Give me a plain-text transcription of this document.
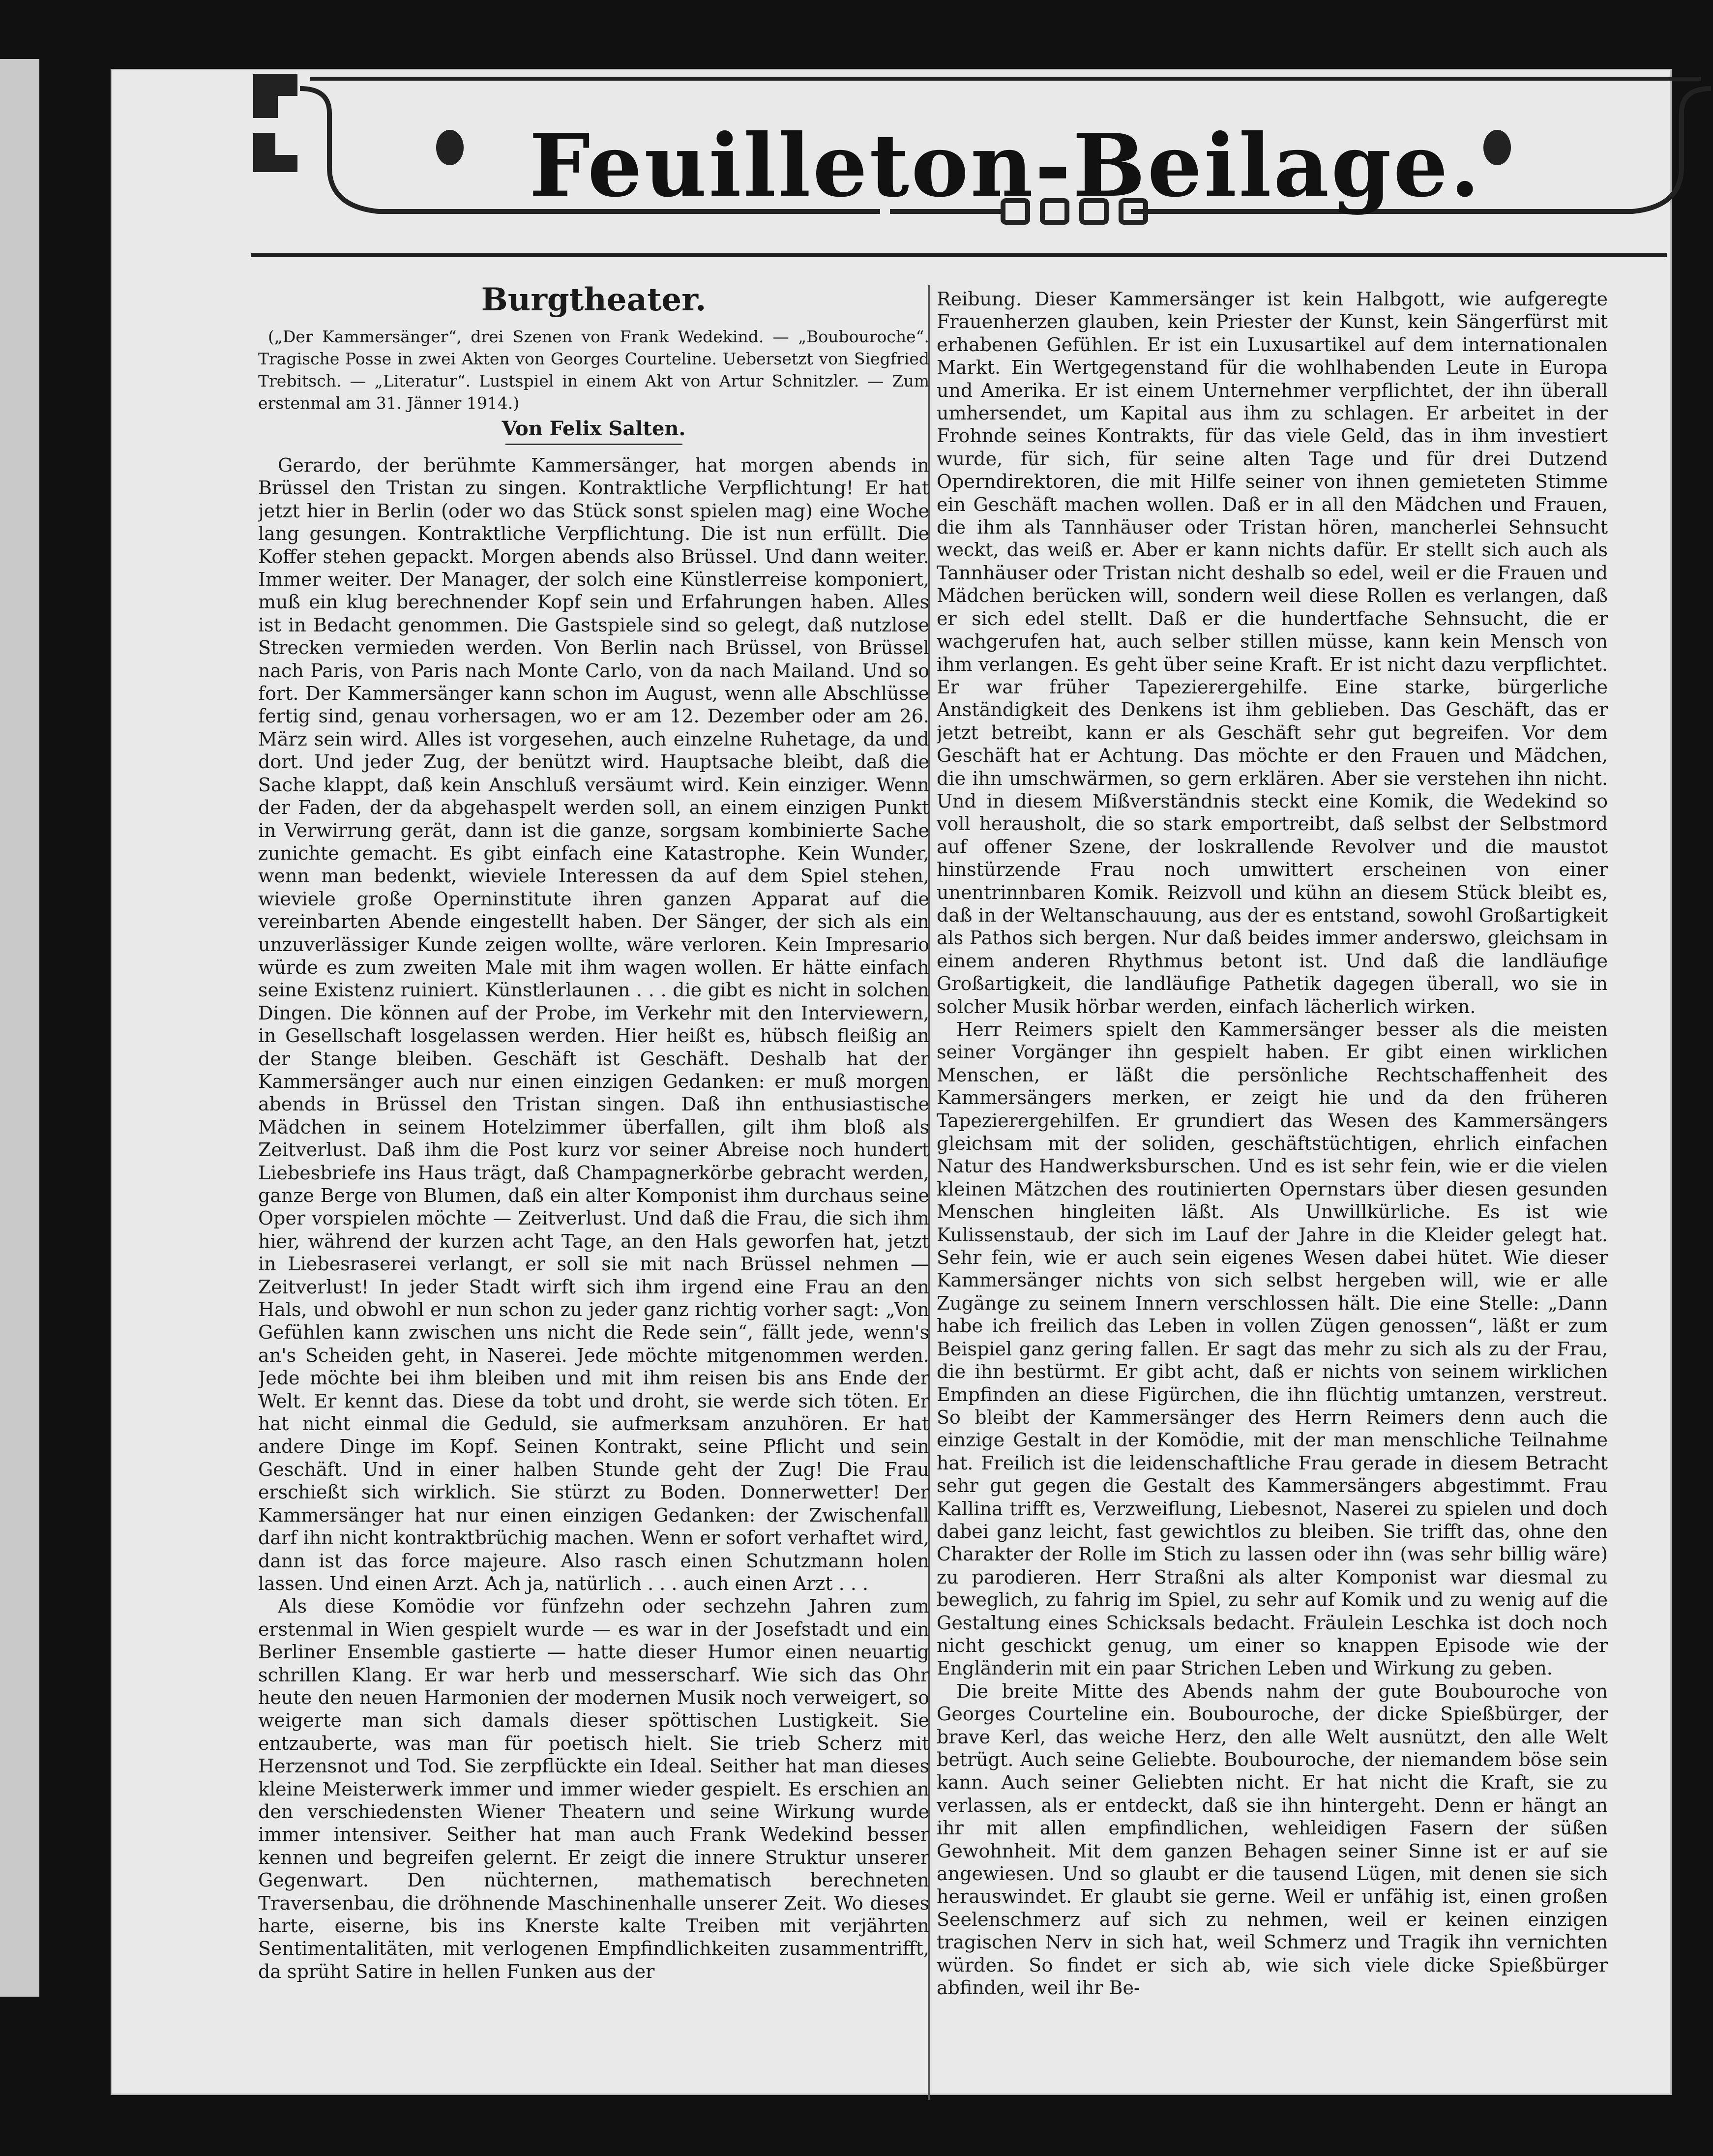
Feuilleton-Beilage.
Burgtheater.

(„Der Kammersänger“, drei Szenen von Frank Wedekind. — „Boubouroche“. Tragische Posse in zwei Akten von Georges Courteline. Uebersetzt von Siegfried Trebitsch. — „Literatur“. Lustspiel in einem Akt von Artur Schnitzler. — Zum erstenmal am 31. Jänner 1914.)

Von Felix Salten.

Gerardo, der berühmte Kammersänger, hat morgen abends in Brüssel den Tristan zu singen. Kontraktliche Verpflichtung! Er hat jetzt hier in Berlin (oder wo das Stück sonst spielen mag) eine Woche lang gesungen. Kontraktliche Verpflichtung. Die ist nun erfüllt. Die Koffer stehen gepackt. Morgen abends also Brüssel. Und dann weiter. Immer weiter. Der Manager, der solch eine Künstlerreise komponiert, muß ein klug berechnender Kopf sein und Erfahrungen haben. Alles ist in Bedacht genommen. Die Gastspiele sind so gelegt, daß nutzlose Strecken vermieden werden. Von Berlin nach Brüssel, von Brüssel nach Paris, von Paris nach Monte Carlo, von da nach Mailand. Und so fort. Der Kammersänger kann schon im August, wenn alle Abschlüsse fertig sind, genau vorhersagen, wo er am 12. Dezember oder am 26. März sein wird. Alles ist vorgesehen, auch einzelne Ruhetage, da und dort. Und jeder Zug, der benützt wird. Hauptsache bleibt, daß die Sache klappt, daß kein Anschluß versäumt wird. Kein einziger. Wenn der Faden, der da abgehaspelt werden soll, an einem einzigen Punkt in Verwirrung gerät, dann ist die ganze, sorgsam kombinierte Sache zunichte gemacht. Es gibt einfach eine Katastrophe. Kein Wunder, wenn man bedenkt, wieviele Interessen da auf dem Spiel stehen, wieviele große Operninstitute ihren ganzen Apparat auf die vereinbarten Abende eingestellt haben. Der Sänger, der sich als ein unzuverlässiger Kunde zeigen wollte, wäre verloren. Kein Impresario würde es zum zweiten Male mit ihm wagen wollen. Er hätte einfach seine Existenz ruiniert. Künstlerlaunen . . . die gibt es nicht in solchen Dingen. Die können auf der Probe, im Verkehr mit den Interviewern, in Gesellschaft losgelassen werden. Hier heißt es, hübsch fleißig an der Stange bleiben. Geschäft ist Geschäft. Deshalb hat der Kammersänger auch nur einen einzigen Gedanken: er muß morgen abends in Brüssel den Tristan singen. Daß ihn enthusiastische Mädchen in seinem Hotelzimmer überfallen, gilt ihm bloß als Zeitverlust. Daß ihm die Post kurz vor seiner Abreise noch hundert Liebesbriefe ins Haus trägt, daß Champagnerkörbe gebracht werden, ganze Berge von Blumen, daß ein alter Komponist ihm durchaus seine Oper vorspielen möchte — Zeitverlust. Und daß die Frau, die sich ihm hier, während der kurzen acht Tage, an den Hals geworfen hat, jetzt in Liebesraserei verlangt, er soll sie mit nach Brüssel nehmen — Zeitverlust! In jeder Stadt wirft sich ihm irgend eine Frau an den Hals, und obwohl er nun schon zu jeder ganz richtig vorher sagt: „Von Gefühlen kann zwischen uns nicht die Rede sein“, fällt jede, wenn's an's Scheiden geht, in Naserei. Jede möchte mitgenommen werden. Jede möchte bei ihm bleiben und mit ihm reisen bis ans Ende der Welt. Er kennt das. Diese da tobt und droht, sie werde sich töten. Er hat nicht einmal die Geduld, sie aufmerksam anzuhören. Er hat andere Dinge im Kopf. Seinen Kontrakt, seine Pflicht und sein Geschäft. Und in einer halben Stunde geht der Zug! Die Frau erschießt sich wirklich. Sie stürzt zu Boden. Donnerwetter! Der Kammersänger hat nur einen einzigen Gedanken: der Zwischenfall darf ihn nicht kontraktbrüchig machen. Wenn er sofort verhaftet wird, dann ist das force majeure. Also rasch einen Schutzmann holen lassen. Und einen Arzt. Ach ja, natürlich . . . auch einen Arzt . . .

Als diese Komödie vor fünfzehn oder sechzehn Jahren zum erstenmal in Wien gespielt wurde — es war in der Josefstadt und ein Berliner Ensemble gastierte — hatte dieser Humor einen neuartig schrillen Klang. Er war herb und messerscharf. Wie sich das Ohr heute den neuen Harmonien der modernen Musik noch verweigert, so weigerte man sich damals dieser spöttischen Lustigkeit. Sie entzauberte, was man für poetisch hielt. Sie trieb Scherz mit Herzensnot und Tod. Sie zerpflückte ein Ideal. Seither hat man dieses kleine Meisterwerk immer und immer wieder gespielt. Es erschien an den verschiedensten Wiener Theatern und seine Wirkung wurde immer intensiver. Seither hat man auch Frank Wedekind besser kennen und begreifen gelernt. Er zeigt die innere Struktur unserer Gegenwart. Den nüchternen, mathematisch berechneten Traversenbau, die dröhnende Maschinenhalle unserer Zeit. Wo dieses harte, eiserne, bis ins Knerste kalte Treiben mit verjährten Sentimentalitäten, mit verlogenen Empfindlichkeiten zusammentrifft, da sprüht Satire in hellen Funken aus der

Reibung. Dieser Kammersänger ist kein Halbgott, wie aufgeregte Frauenherzen glauben, kein Priester der Kunst, kein Sängerfürst mit erhabenen Gefühlen. Er ist ein Luxusartikel auf dem internationalen Markt. Ein Wertgegenstand für die wohlhabenden Leute in Europa und Amerika. Er ist einem Unternehmer verpflichtet, der ihn überall umhersendet, um Kapital aus ihm zu schlagen. Er arbeitet in der Frohnde seines Kontrakts, für das viele Geld, das in ihm investiert wurde, für sich, für seine alten Tage und für drei Dutzend Operndirektoren, die mit Hilfe seiner von ihnen gemieteten Stimme ein Geschäft machen wollen. Daß er in all den Mädchen und Frauen, die ihm als Tannhäuser oder Tristan hören, mancherlei Sehnsucht weckt, das weiß er. Aber er kann nichts dafür. Er stellt sich auch als Tannhäuser oder Tristan nicht deshalb so edel, weil er die Frauen und Mädchen berücken will, sondern weil diese Rollen es verlangen, daß er sich edel stellt. Daß er die hundertfache Sehnsucht, die er wachgerufen hat, auch selber stillen müsse, kann kein Mensch von ihm verlangen. Es geht über seine Kraft. Er ist nicht dazu verpflichtet. Er war früher Tapezierergehilfe. Eine starke, bürgerliche Anständigkeit des Denkens ist ihm geblieben. Das Geschäft, das er jetzt betreibt, kann er als Geschäft sehr gut begreifen. Vor dem Geschäft hat er Achtung. Das möchte er den Frauen und Mädchen, die ihn umschwärmen, so gern erklären. Aber sie verstehen ihn nicht. Und in diesem Mißverständnis steckt eine Komik, die Wedekind so voll herausholt, die so stark emportreibt, daß selbst der Selbstmord auf offener Szene, der loskrallende Revolver und die maustot hinstürzende Frau noch umwittert erscheinen von einer unentrinnbaren Komik. Reizvoll und kühn an diesem Stück bleibt es, daß in der Weltanschauung, aus der es entstand, sowohl Großartigkeit als Pathos sich bergen. Nur daß beides immer anderswo, gleichsam in einem anderen Rhythmus betont ist. Und daß die landläufige Großartigkeit, die landläufige Pathetik dagegen überall, wo sie in solcher Musik hörbar werden, einfach lächerlich wirken.

Herr Reimers spielt den Kammersänger besser als die meisten seiner Vorgänger ihn gespielt haben. Er gibt einen wirklichen Menschen, er läßt die persönliche Rechtschaffenheit des Kammersängers merken, er zeigt hie und da den früheren Tapezierergehilfen. Er grundiert das Wesen des Kammersängers gleichsam mit der soliden, geschäftstüchtigen, ehrlich einfachen Natur des Handwerksburschen. Und es ist sehr fein, wie er die vielen kleinen Mätzchen des routinierten Opernstars über diesen gesunden Menschen hingleiten läßt. Als Unwillkürliche. Es ist wie Kulissenstaub, der sich im Lauf der Jahre in die Kleider gelegt hat. Sehr fein, wie er auch sein eigenes Wesen dabei hütet. Wie dieser Kammersänger nichts von sich selbst hergeben will, wie er alle Zugänge zu seinem Innern verschlossen hält. Die eine Stelle: „Dann habe ich freilich das Leben in vollen Zügen genossen“, läßt er zum Beispiel ganz gering fallen. Er sagt das mehr zu sich als zu der Frau, die ihn bestürmt. Er gibt acht, daß er nichts von seinem wirklichen Empfinden an diese Figürchen, die ihn flüchtig umtanzen, verstreut. So bleibt der Kammersänger des Herrn Reimers denn auch die einzige Gestalt in der Komödie, mit der man menschliche Teilnahme hat. Freilich ist die leidenschaftliche Frau gerade in diesem Betracht sehr gut gegen die Gestalt des Kammersängers abgestimmt. Frau Kallina trifft es, Verzweiflung, Liebesnot, Naserei zu spielen und doch dabei ganz leicht, fast gewichtlos zu bleiben. Sie trifft das, ohne den Charakter der Rolle im Stich zu lassen oder ihn (was sehr billig wäre) zu parodieren. Herr Straßni als alter Komponist war diesmal zu beweglich, zu fahrig im Spiel, zu sehr auf Komik und zu wenig auf die Gestaltung eines Schicksals bedacht. Fräulein Leschka ist doch noch nicht geschickt genug, um einer so knappen Episode wie der Engländerin mit ein paar Strichen Leben und Wirkung zu geben.

Die breite Mitte des Abends nahm der gute Boubouroche von Georges Courteline ein. Boubouroche, der dicke Spießbürger, der brave Kerl, das weiche Herz, den alle Welt ausnützt, den alle Welt betrügt. Auch seine Geliebte. Boubouroche, der niemandem böse sein kann. Auch seiner Geliebten nicht. Er hat nicht die Kraft, sie zu verlassen, als er entdeckt, daß sie ihn hintergeht. Denn er hängt an ihr mit allen empfindlichen, wehleidigen Fasern der süßen Gewohnheit. Mit dem ganzen Behagen seiner Sinne ist er auf sie angewiesen. Und so glaubt er die tausend Lügen, mit denen sie sich herauswindet. Er glaubt sie gerne. Weil er unfähig ist, einen großen Seelenschmerz auf sich zu nehmen, weil er keinen einzigen tragischen Nerv in sich hat, weil Schmerz und Tragik ihn vernichten würden. So findet er sich ab, wie sich viele dicke Spießbürger abfinden, weil ihr Be-
